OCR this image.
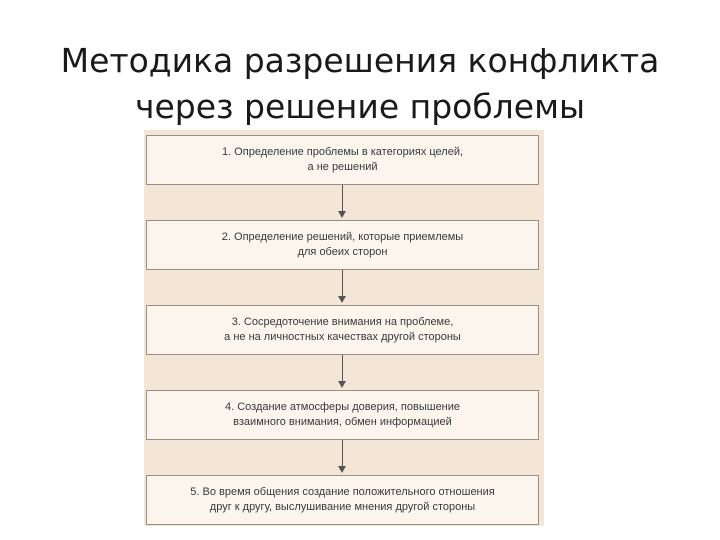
Методика разрешения конфликта
через решение проблемы
1. Определение проблемы в категориях целей,
а не решений
2. Определение решений, которые приемлемы
для обеих сторон
3. Сосредоточение внимания на проблеме,
а не на личностных качествах другой стороны
4. Создание атмосферы доверия, повышение
взаимного внимания, обмен информацией
5. Во время общения создание положительного отношения
друг к другу, выслушивание мнения другой стороны
